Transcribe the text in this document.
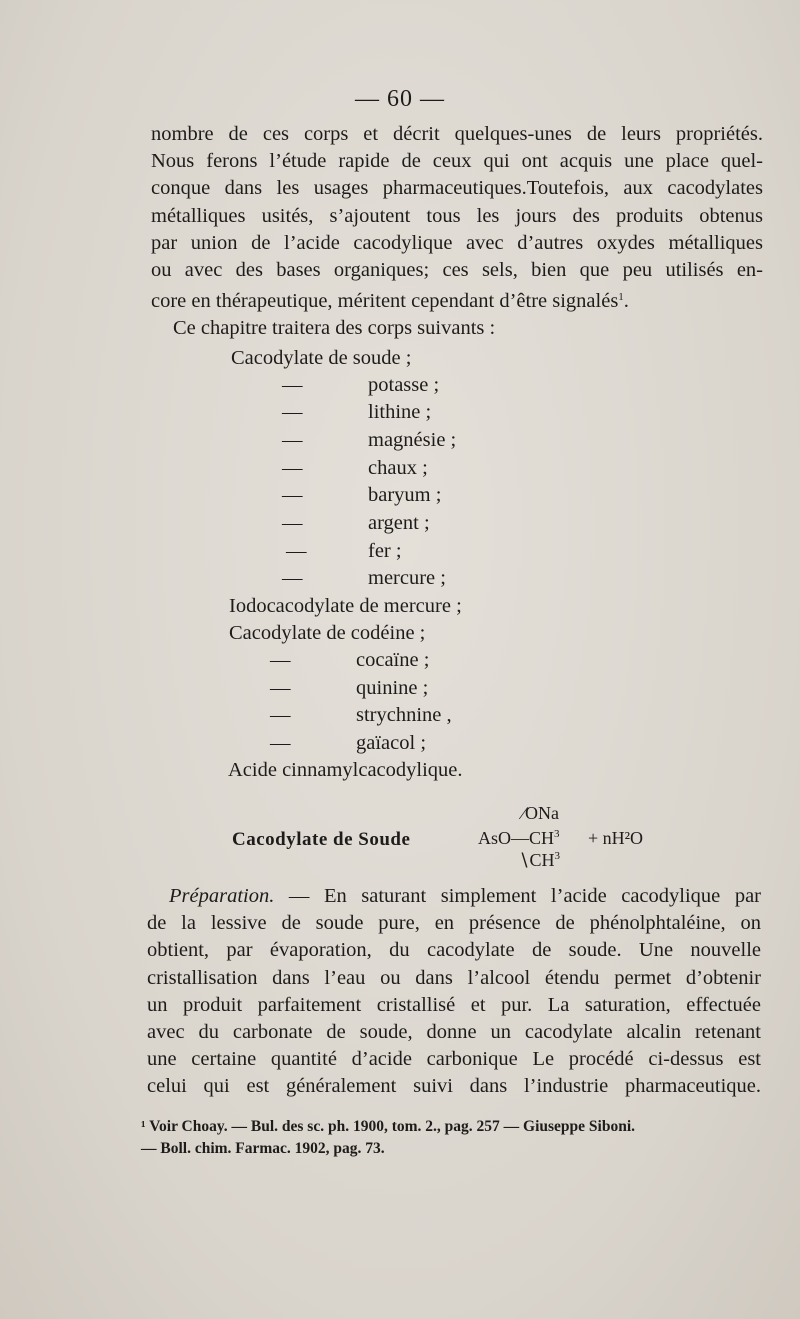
— 60 —

nombre de ces corps et décrit quelques-unes de leurs propriétés.

Nous ferons l’étude rapide de ceux qui ont acquis une place quel-

conque dans les usages pharmaceutiques.Toutefois, aux cacodylates

métalliques usités, s’ajoutent tous les jours des produits obtenus

par union de l’acide cacodylique avec d’autres oxydes métalliques

ou avec des bases organiques; ces sels, bien que peu utilisés en-

core en thérapeutique, méritent cependant d’être signalés$^1$.

Ce chapitre traitera des corps suivants :

Cacodylate de soude ;
—	potasse ;
—	lithine ;
—	magnésie ;
—	chaux ;
—	baryum ;
—	argent ;
—	fer ;
—	mercure ;
Iodocacodylate de mercure ;
Cacodylate de codéine ;
—	cocaïne ;
—	quinine ;
—	strychnine ,
—	gaïacol ;
Acide cinnamylcacodylique.
Cacodylate de Soude
∕ONa
$AsO—CH^3 + nH^2O$
$∖CH^3$

Préparation. — En saturant simplement l’acide cacodylique par

de la lessive de soude pure, en présence de phénolphtaléine, on

obtient, par évaporation, du cacodylate de soude. Une nouvelle

cristallisation dans l’eau ou dans l’alcool étendu permet d’obtenir

un produit parfaitement cristallisé et pur. La saturation, effectuée

avec du carbonate de soude, donne un cacodylate alcalin retenant

une certaine quantité d’acide carbonique Le procédé ci-dessus est

celui qui est généralement suivi dans l’industrie pharmaceutique.

¹ Voir Choay. — Bul. des sc. ph. 1900, tom. 2., pag. 257 — Giuseppe Siboni.
— Boll. chim. Farmac. 1902, pag. 73.
